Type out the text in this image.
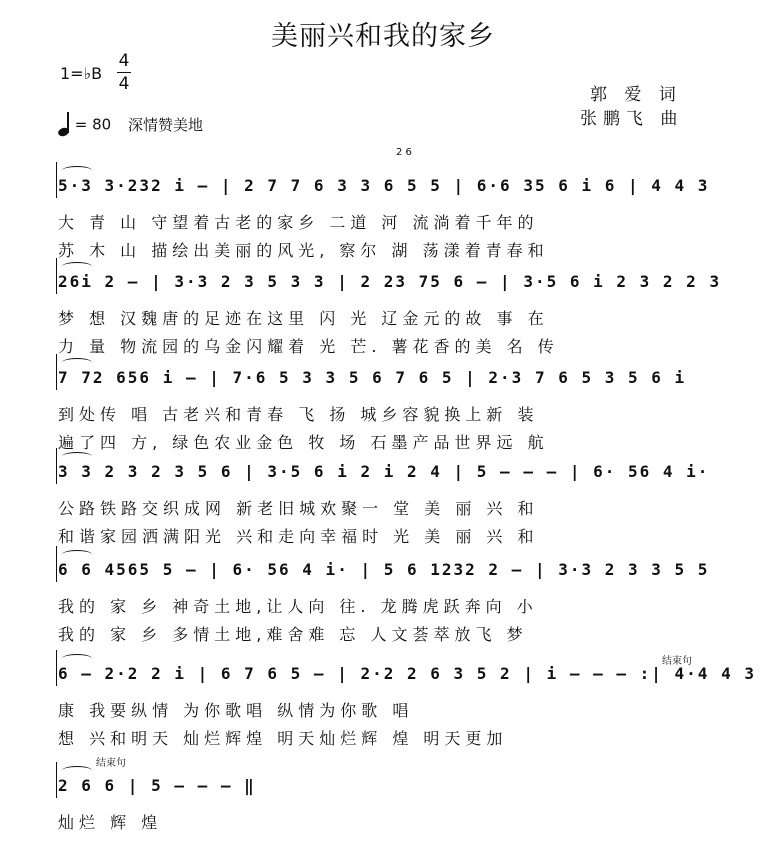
美丽兴和我的家乡
1=♭B
4
4
郭 爱 词
张鹏飞 曲
= 80 深情赞美地
2 6
5·3 3·232 i – | 2 7 7 6 3 3 6 5 5 | 6·6 35 6 i 6 | 4 4 3
大 青 山 守望着古老的家乡 二道 河 流淌着千年的
苏 木 山 描绘出美丽的风光, 察尔 湖 荡漾着青春和
26i 2 – | 3·3 2 3 5 3 3 | 2 23 75 6 – | 3·5 6 i 2 3 2 2 3
梦 想 汉魏唐的足迹在这里 闪 光 辽金元的故 事 在
力 量 物流园的乌金闪耀着 光 芒. 薯花香的美 名 传
7 72 656 i – | 7·6 5 3 3 5 6 7 6 5 | 2·3 7 6 5 3 5 6 i
到处传 唱 古老兴和青春 飞 扬 城乡容貌换上新 装
遍了四 方, 绿色农业金色 牧 场 石墨产品世界远 航
3 3 2 3 2 3 5 6 | 3·5 6 i 2 i 2 4 | 5 – – – | 6· 56 4 i·
公路铁路交织成网 新老旧城欢聚一 堂 美 丽 兴 和
和谐家园洒满阳光 兴和走向幸福时 光 美 丽 兴 和
6 6 4565 5 – | 6· 56 4 i· | 5 6 1232 2 – | 3·3 2 3 3 5 5
我的 家 乡 神奇土地,让人向 往. 龙腾虎跃奔向 小
我的 家 乡 多情土地,难舍难 忘 人文荟萃放飞 梦
6 – 2·2 2 i | 6 7 6 5 – | 2·2 2 6 3 5 2 | i – – – :| 4·4 4 3
康 我要纵情 为你歌唱 纵情为你歌 唱
想 兴和明天 灿烂辉煌 明天灿烂辉 煌 明天更加
2 6 6 | 5 – – – ‖
灿烂 辉 煌
结束句
结束句
